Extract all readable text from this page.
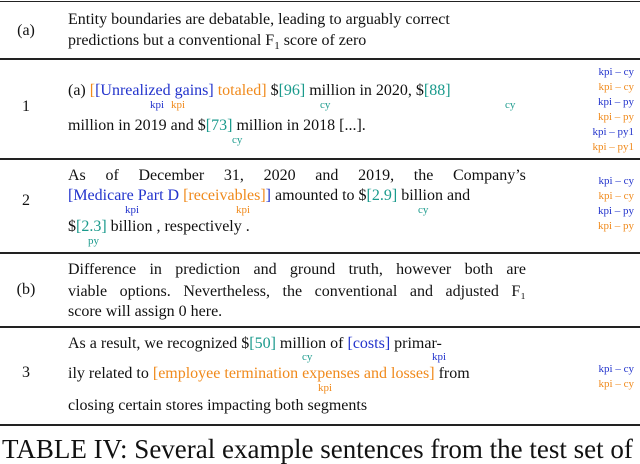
(a)
Entity boundaries are debatable, leading to arguably correct
predictions but a conventional $F_1$ score of zero
1
(a) [[Unrealized gains] totaled] $[96] million in 2020, $[88]
kpi kpi	cy	cy
million in 2019 and $[73] million in 2018 [...].
cy
kpi – cy
kpi – cy
kpi – py
kpi – py
kpi – py1
kpi – py1
2
As of December 31, 2020 and 2019, the Company’s
[Medicare Part D [receivables]] amounted to $[2.9] billion and
kpi	kpi	cy
$[2.3] billion , respectively .
py
kpi – cy
kpi – cy
kpi – py
kpi – py
(b)
Difference in prediction and ground truth, however both are
viable options. Nevertheless, the conventional and adjusted F₁
score will assign 0 here.
3
As a result, we recognized $[50] million of [costs] primar-
cy	kpi
ily related to [employee termination expenses and losses] from
kpi
closing certain stores impacting both segments
kpi – cy
kpi – cy
TABLE IV: Several example sentences from the test set of
